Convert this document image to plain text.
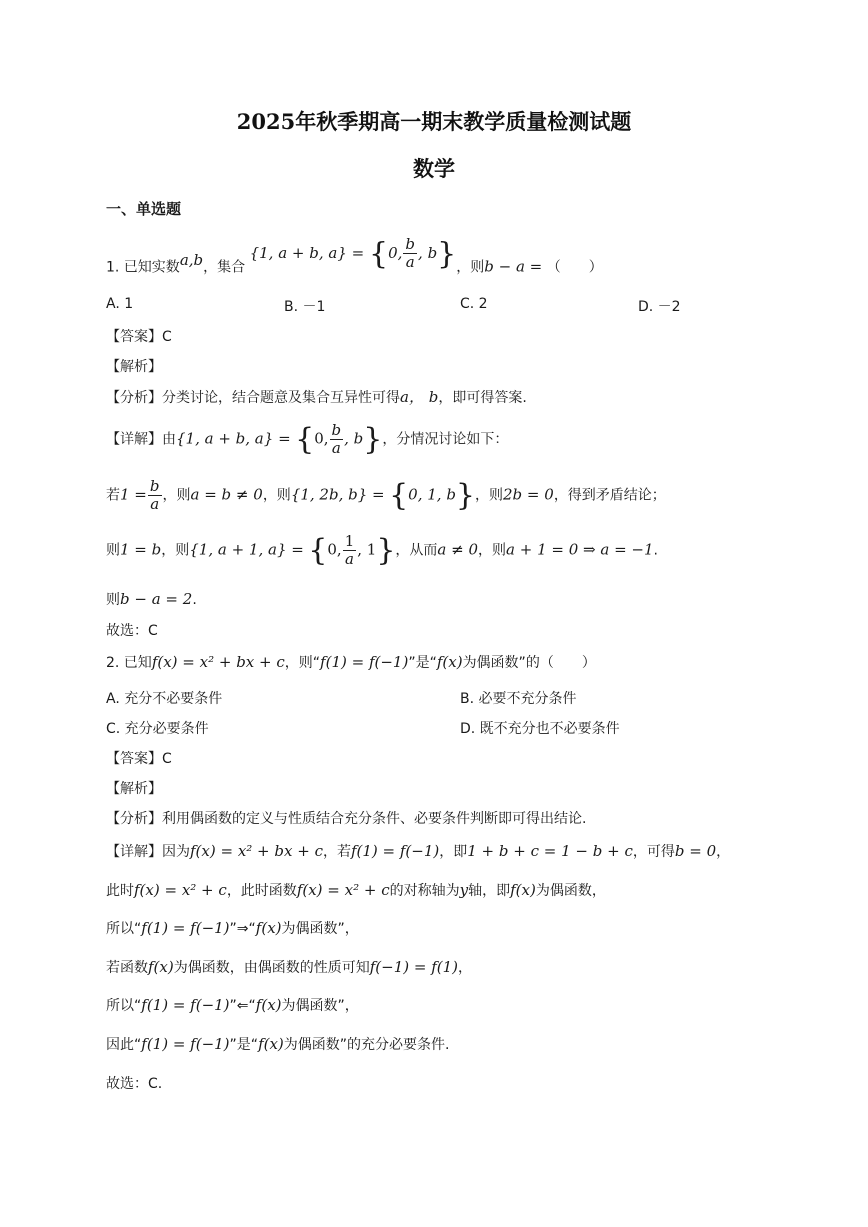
2025年秋季期高一期末教学质量检测试题
数学
一、单选题
1. 已知实数a,b，集合 {1, a + b, a} = {0, $\frac{b}{a}$ , b}，则b − a = （　　）
A. 1	B. －1	C. 2	D. －2
【答案】C
【解析】
【分析】分类讨论，结合题意及集合互异性可得a， b，即可得答案.
【详解】由{1, a + b, a} = {0, $\frac{b}{a}$ , b}，分情况讨论如下：
若$1 = \frac{b}{a}$ ，则a = b ≠ 0，则{1, 2b, b} = {0, 1, b}，则2b = 0，得到矛盾结论；
则1 = b，则{1, a + 1, a} = {0, $\frac{1}{a}$ , 1}，从而a ≠ 0，则a + 1 = 0 ⇒ a = −1.
则b − a = 2.
故选：C
2. 已知f(x) = x² + bx + c，则“f(1) = f(−1)”是“f(x)为偶函数”的（　　）
A. 充分不必要条件	B. 必要不充分条件
C. 充分必要条件	D. 既不充分也不必要条件
【答案】C
【解析】
【分析】利用偶函数的定义与性质结合充分条件、必要条件判断即可得出结论.
【详解】因为f(x) = x² + bx + c，若f(1) = f(−1)，即1 + b + c = 1 − b + c，可得b = 0，
此时f(x) = x² + c，此时函数f(x) = x² + c的对称轴为y轴，即f(x)为偶函数，
所以“f(1) = f(−1)”⇒“f(x)为偶函数”，
若函数f(x)为偶函数，由偶函数的性质可知f(−1) = f(1)，
所以“f(1) = f(−1)”⇐“f(x)为偶函数”，
因此“f(1) = f(−1)”是“f(x)为偶函数”的充分必要条件.
故选：C.
